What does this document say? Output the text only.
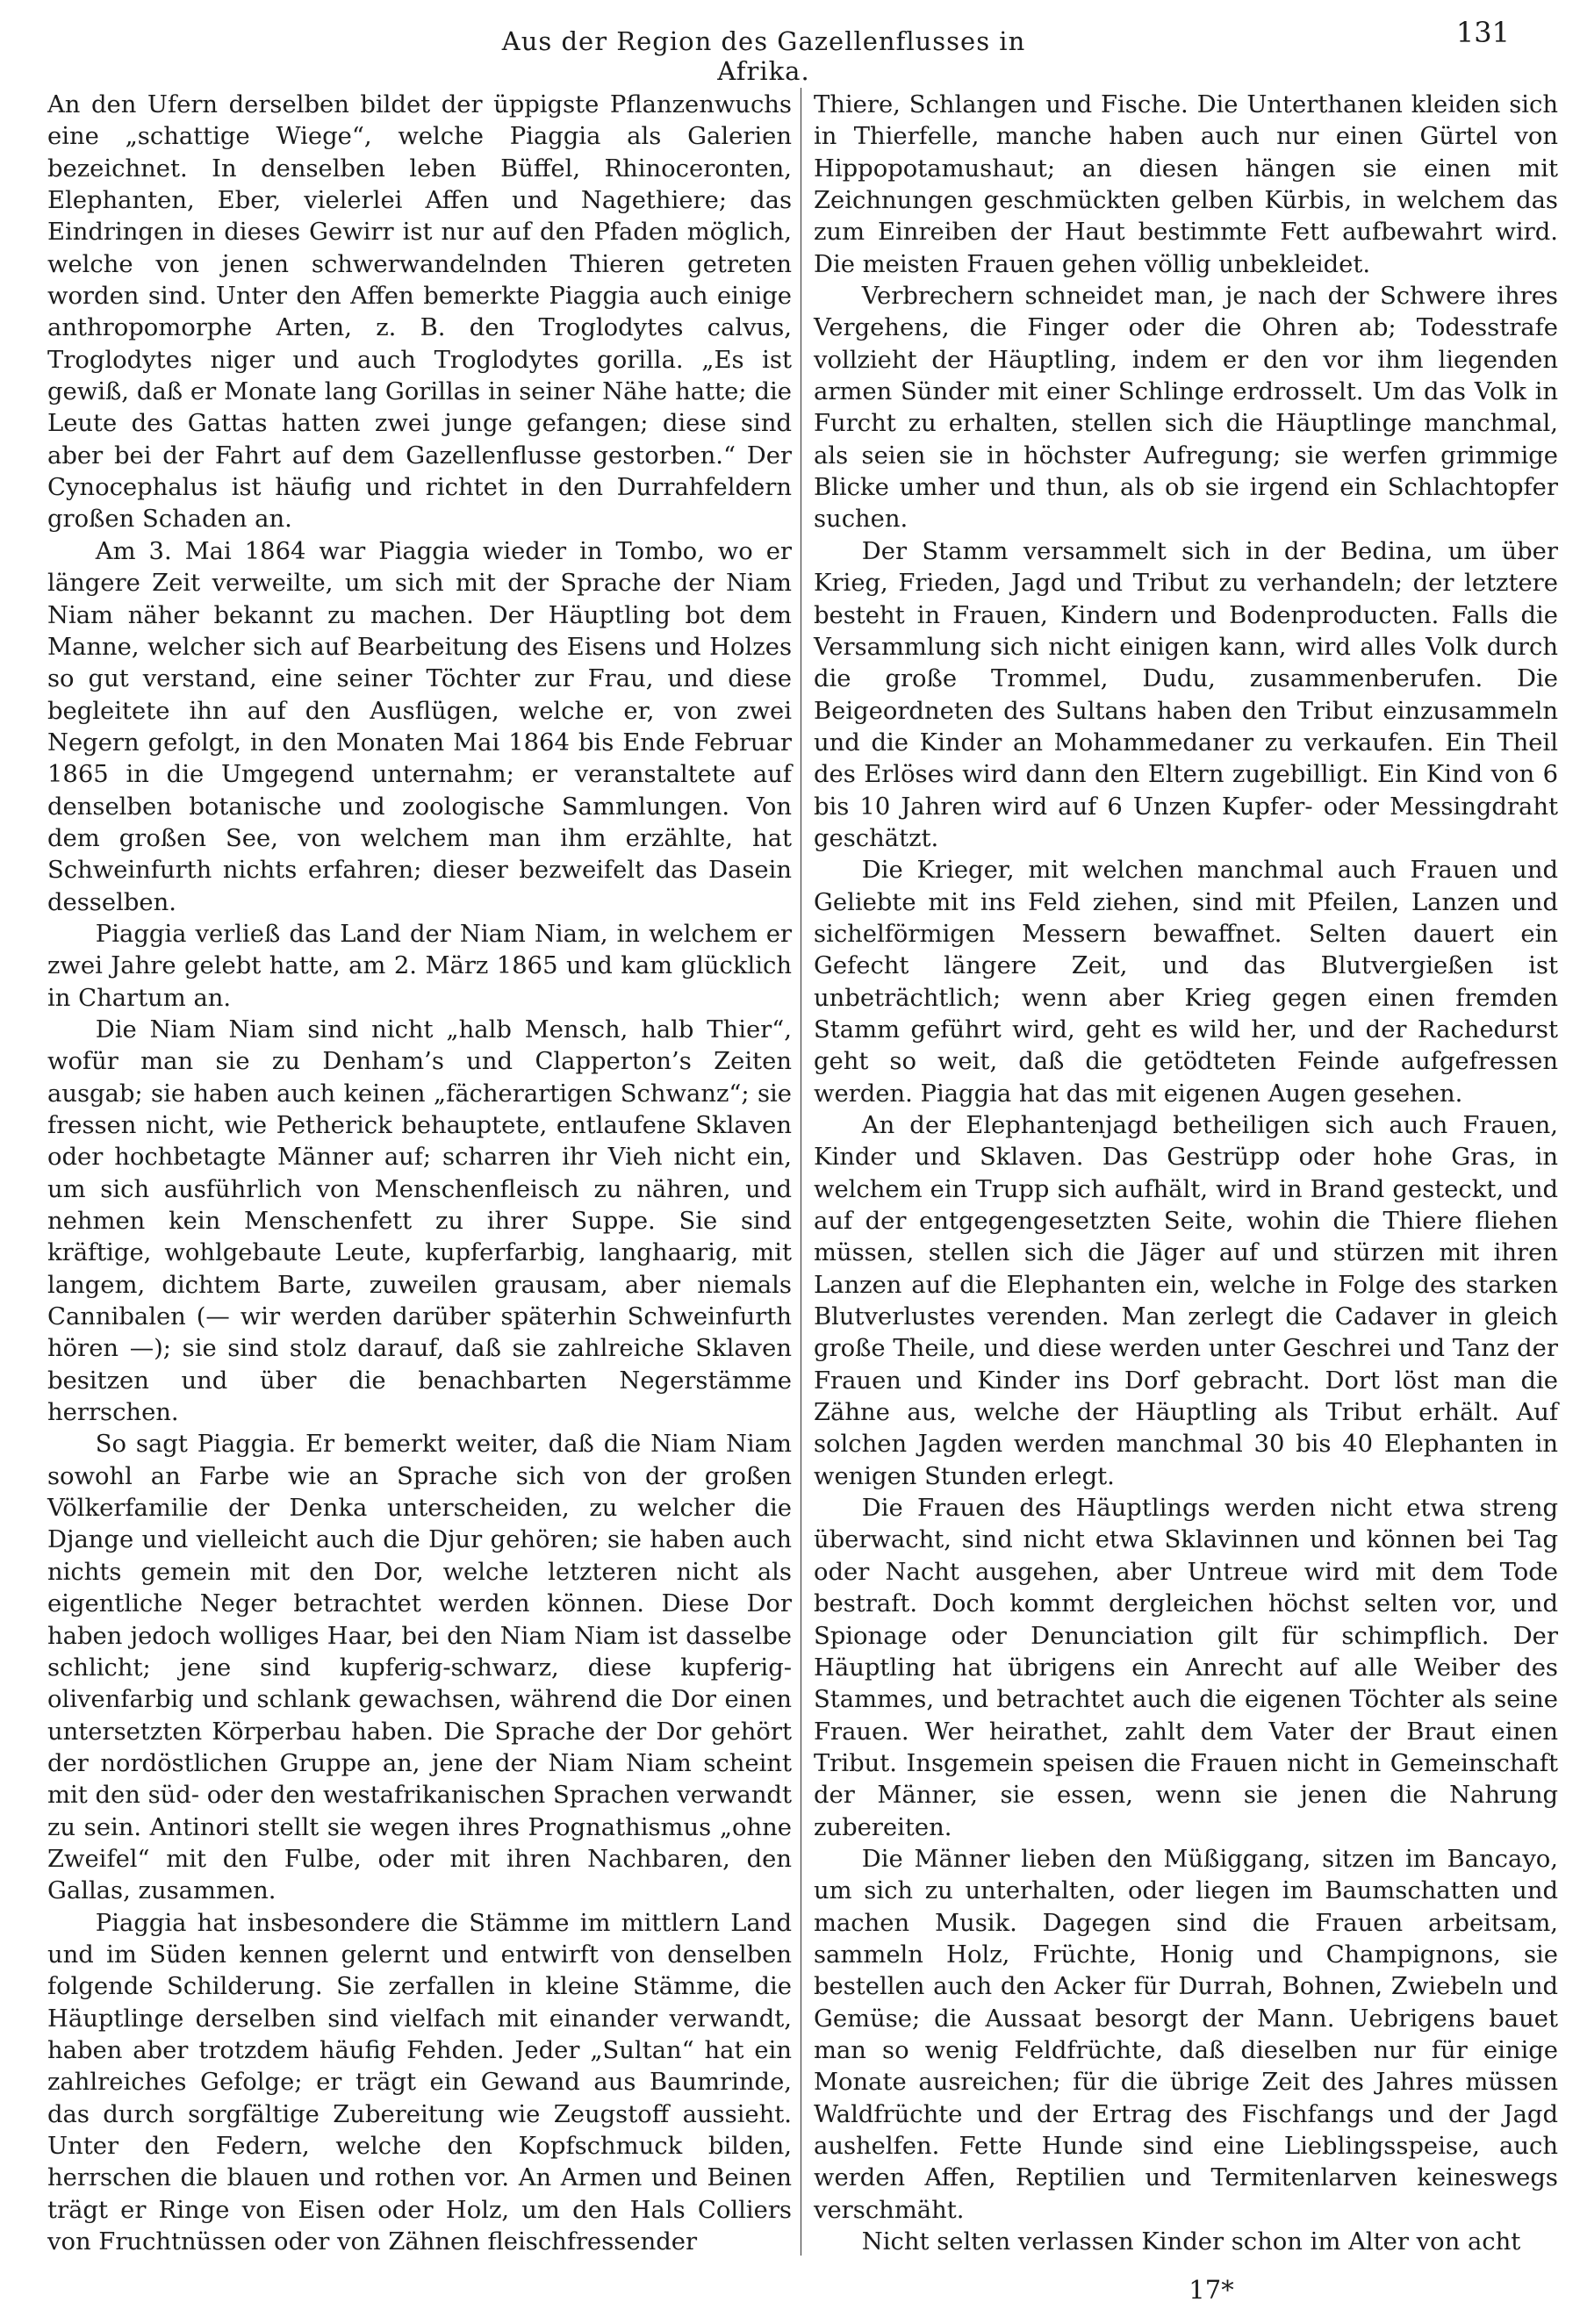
Aus der Region des Gazellenflusses in Afrika.
131

An den Ufern derselben bildet der üppigste Pflanzenwuchs eine „schattige Wiege“, welche Piaggia als Galerien bezeichnet. In denselben leben Büffel, Rhinoceronten, Elephanten, Eber, vielerlei Affen und Nagethiere; das Eindringen in dieses Gewirr ist nur auf den Pfaden möglich, welche von jenen schwerwandelnden Thieren getreten worden sind. Unter den Affen bemerkte Piaggia auch einige anthropomorphe Arten, z. B. den Troglodytes calvus, Troglodytes niger und auch Troglodytes gorilla. „Es ist gewiß, daß er Monate lang Gorillas in seiner Nähe hatte; die Leute des Gattas hatten zwei junge gefangen; diese sind aber bei der Fahrt auf dem Gazellenflusse gestorben.“ Der Cynocephalus ist häufig und richtet in den Durrahfeldern großen Schaden an.

Am 3. Mai 1864 war Piaggia wieder in Tombo, wo er längere Zeit verweilte, um sich mit der Sprache der Niam Niam näher bekannt zu machen. Der Häuptling bot dem Manne, welcher sich auf Bearbeitung des Eisens und Holzes so gut verstand, eine seiner Töchter zur Frau, und diese begleitete ihn auf den Ausflügen, welche er, von zwei Negern gefolgt, in den Monaten Mai 1864 bis Ende Februar 1865 in die Umgegend unternahm; er veranstaltete auf denselben botanische und zoologische Sammlungen. Von dem großen See, von welchem man ihm erzählte, hat Schweinfurth nichts erfahren; dieser bezweifelt das Dasein desselben.

Piaggia verließ das Land der Niam Niam, in welchem er zwei Jahre gelebt hatte, am 2. März 1865 und kam glücklich in Chartum an.

Die Niam Niam sind nicht „halb Mensch, halb Thier“, wofür man sie zu Denham’s und Clapperton’s Zeiten ausgab; sie haben auch keinen „fächerartigen Schwanz“; sie fressen nicht, wie Petherick behauptete, entlaufene Sklaven oder hochbetagte Männer auf; scharren ihr Vieh nicht ein, um sich ausführlich von Menschenfleisch zu nähren, und nehmen kein Menschenfett zu ihrer Suppe. Sie sind kräftige, wohlgebaute Leute, kupferfarbig, langhaarig, mit langem, dichtem Barte, zuweilen grausam, aber niemals Cannibalen (— wir werden darüber späterhin Schweinfurth hören —); sie sind stolz darauf, daß sie zahlreiche Sklaven besitzen und über die benachbarten Negerstämme herrschen.

So sagt Piaggia. Er bemerkt weiter, daß die Niam Niam sowohl an Farbe wie an Sprache sich von der großen Völkerfamilie der Denka unterscheiden, zu welcher die Djange und vielleicht auch die Djur gehören; sie haben auch nichts gemein mit den Dor, welche letzteren nicht als eigentliche Neger betrachtet werden können. Diese Dor haben jedoch wolliges Haar, bei den Niam Niam ist dasselbe schlicht; jene sind kupferig-schwarz, diese kupferig-olivenfarbig und schlank gewachsen, während die Dor einen untersetzten Körperbau haben. Die Sprache der Dor gehört der nordöstlichen Gruppe an, jene der Niam Niam scheint mit den süd- oder den westafrikanischen Sprachen verwandt zu sein. Antinori stellt sie wegen ihres Prognathismus „ohne Zweifel“ mit den Fulbe, oder mit ihren Nachbaren, den Gallas, zusammen.

Piaggia hat insbesondere die Stämme im mittlern Land und im Süden kennen gelernt und entwirft von denselben folgende Schilderung. Sie zerfallen in kleine Stämme, die Häuptlinge derselben sind vielfach mit einander verwandt, haben aber trotzdem häufig Fehden. Jeder „Sultan“ hat ein zahlreiches Gefolge; er trägt ein Gewand aus Baumrinde, das durch sorgfältige Zubereitung wie Zeugstoff aussieht. Unter den Federn, welche den Kopfschmuck bilden, herrschen die blauen und rothen vor. An Armen und Beinen trägt er Ringe von Eisen oder Holz, um den Hals Colliers von Fruchtnüssen oder von Zähnen fleischfressender

Thiere, Schlangen und Fische. Die Unterthanen kleiden sich in Thierfelle, manche haben auch nur einen Gürtel von Hippopotamushaut; an diesen hängen sie einen mit Zeichnungen geschmückten gelben Kürbis, in welchem das zum Einreiben der Haut bestimmte Fett aufbewahrt wird. Die meisten Frauen gehen völlig unbekleidet.

Verbrechern schneidet man, je nach der Schwere ihres Vergehens, die Finger oder die Ohren ab; Todesstrafe vollzieht der Häuptling, indem er den vor ihm liegenden armen Sünder mit einer Schlinge erdrosselt. Um das Volk in Furcht zu erhalten, stellen sich die Häuptlinge manchmal, als seien sie in höchster Aufregung; sie werfen grimmige Blicke umher und thun, als ob sie irgend ein Schlachtopfer suchen.

Der Stamm versammelt sich in der Bedina, um über Krieg, Frieden, Jagd und Tribut zu verhandeln; der letztere besteht in Frauen, Kindern und Bodenproducten. Falls die Versammlung sich nicht einigen kann, wird alles Volk durch die große Trommel, Dudu, zusammenberufen. Die Beigeordneten des Sultans haben den Tribut einzusammeln und die Kinder an Mohammedaner zu verkaufen. Ein Theil des Erlöses wird dann den Eltern zugebilligt. Ein Kind von 6 bis 10 Jahren wird auf 6 Unzen Kupfer- oder Messingdraht geschätzt.

Die Krieger, mit welchen manchmal auch Frauen und Geliebte mit ins Feld ziehen, sind mit Pfeilen, Lanzen und sichelförmigen Messern bewaffnet. Selten dauert ein Gefecht längere Zeit, und das Blutvergießen ist unbeträchtlich; wenn aber Krieg gegen einen fremden Stamm geführt wird, geht es wild her, und der Rachedurst geht so weit, daß die getödteten Feinde aufgefressen werden. Piaggia hat das mit eigenen Augen gesehen.

An der Elephantenjagd betheiligen sich auch Frauen, Kinder und Sklaven. Das Gestrüpp oder hohe Gras, in welchem ein Trupp sich aufhält, wird in Brand gesteckt, und auf der entgegengesetzten Seite, wohin die Thiere fliehen müssen, stellen sich die Jäger auf und stürzen mit ihren Lanzen auf die Elephanten ein, welche in Folge des starken Blutverlustes verenden. Man zerlegt die Cadaver in gleich große Theile, und diese werden unter Geschrei und Tanz der Frauen und Kinder ins Dorf gebracht. Dort löst man die Zähne aus, welche der Häuptling als Tribut erhält. Auf solchen Jagden werden manchmal 30 bis 40 Elephanten in wenigen Stunden erlegt.

Die Frauen des Häuptlings werden nicht etwa streng überwacht, sind nicht etwa Sklavinnen und können bei Tag oder Nacht ausgehen, aber Untreue wird mit dem Tode bestraft. Doch kommt dergleichen höchst selten vor, und Spionage oder Denunciation gilt für schimpflich. Der Häuptling hat übrigens ein Anrecht auf alle Weiber des Stammes, und betrachtet auch die eigenen Töchter als seine Frauen. Wer heirathet, zahlt dem Vater der Braut einen Tribut. Insgemein speisen die Frauen nicht in Gemeinschaft der Männer, sie essen, wenn sie jenen die Nahrung zubereiten.

Die Männer lieben den Müßiggang, sitzen im Bancayo, um sich zu unterhalten, oder liegen im Baumschatten und machen Musik. Dagegen sind die Frauen arbeitsam, sammeln Holz, Früchte, Honig und Champignons, sie bestellen auch den Acker für Durrah, Bohnen, Zwiebeln und Gemüse; die Aussaat besorgt der Mann. Uebrigens bauet man so wenig Feldfrüchte, daß dieselben nur für einige Monate ausreichen; für die übrige Zeit des Jahres müssen Waldfrüchte und der Ertrag des Fischfangs und der Jagd aushelfen. Fette Hunde sind eine Lieblingsspeise, auch werden Affen, Reptilien und Termitenlarven keineswegs verschmäht.

Nicht selten verlassen Kinder schon im Alter von acht

17*
